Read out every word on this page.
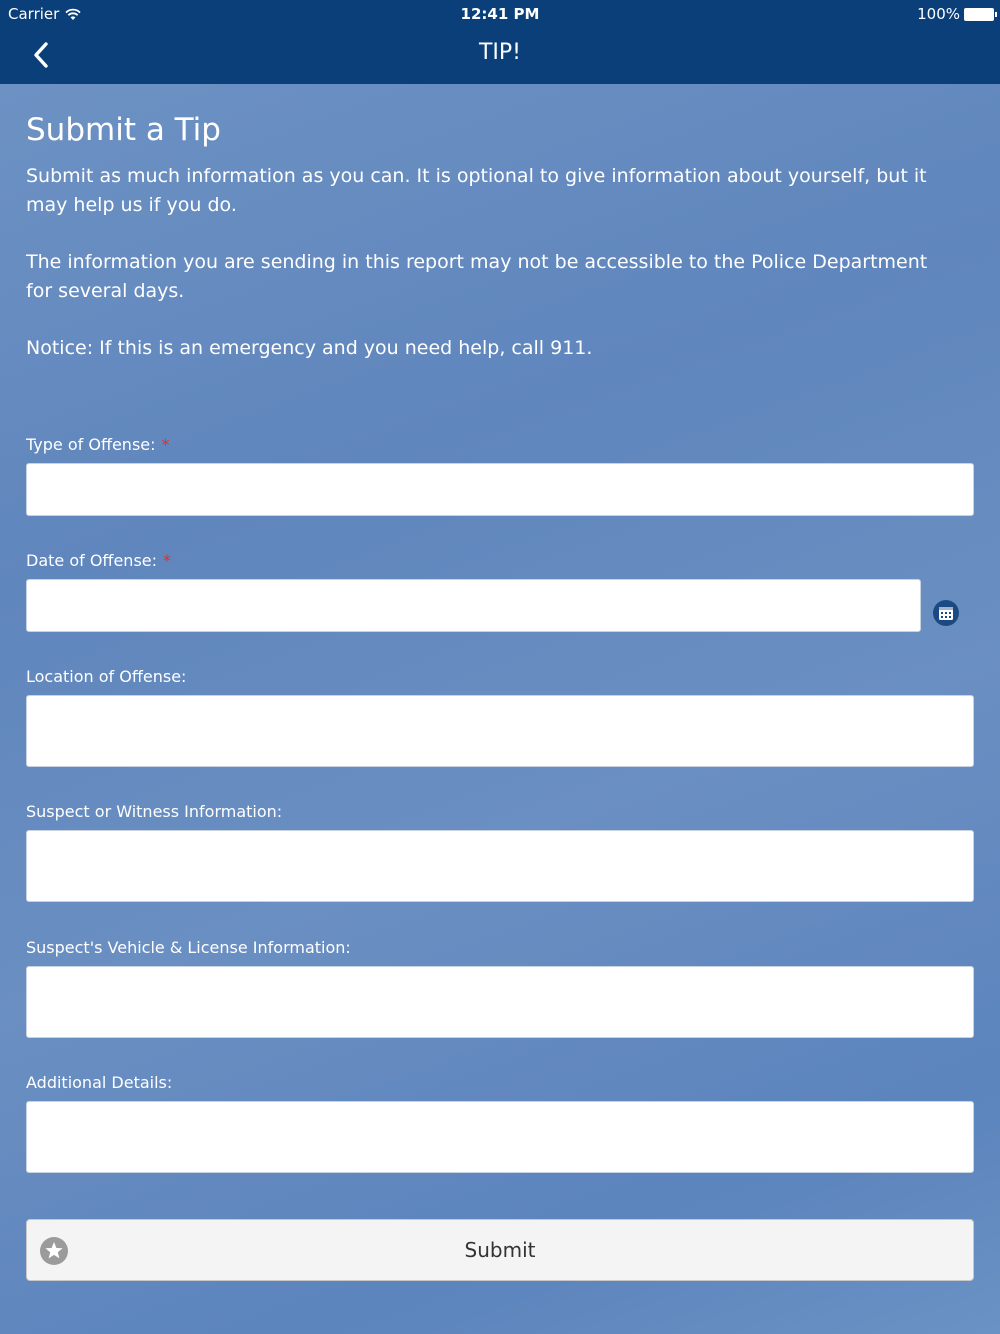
Carrier	12:41 PM	100%
TIP!
Submit a Tip

Submit as much information as you can. It is optional to give information about yourself, but it may help us if you do.

The information you are sending in this report may not be accessible to the Police Department for several days.

Notice: If this is an emergency and you need help, call 911.

Type of Offense: *
Date of Offense: *
Location of Offense:
Suspect or Witness Information:
Suspect's Vehicle & License Information:
Additional Details:
Submit
